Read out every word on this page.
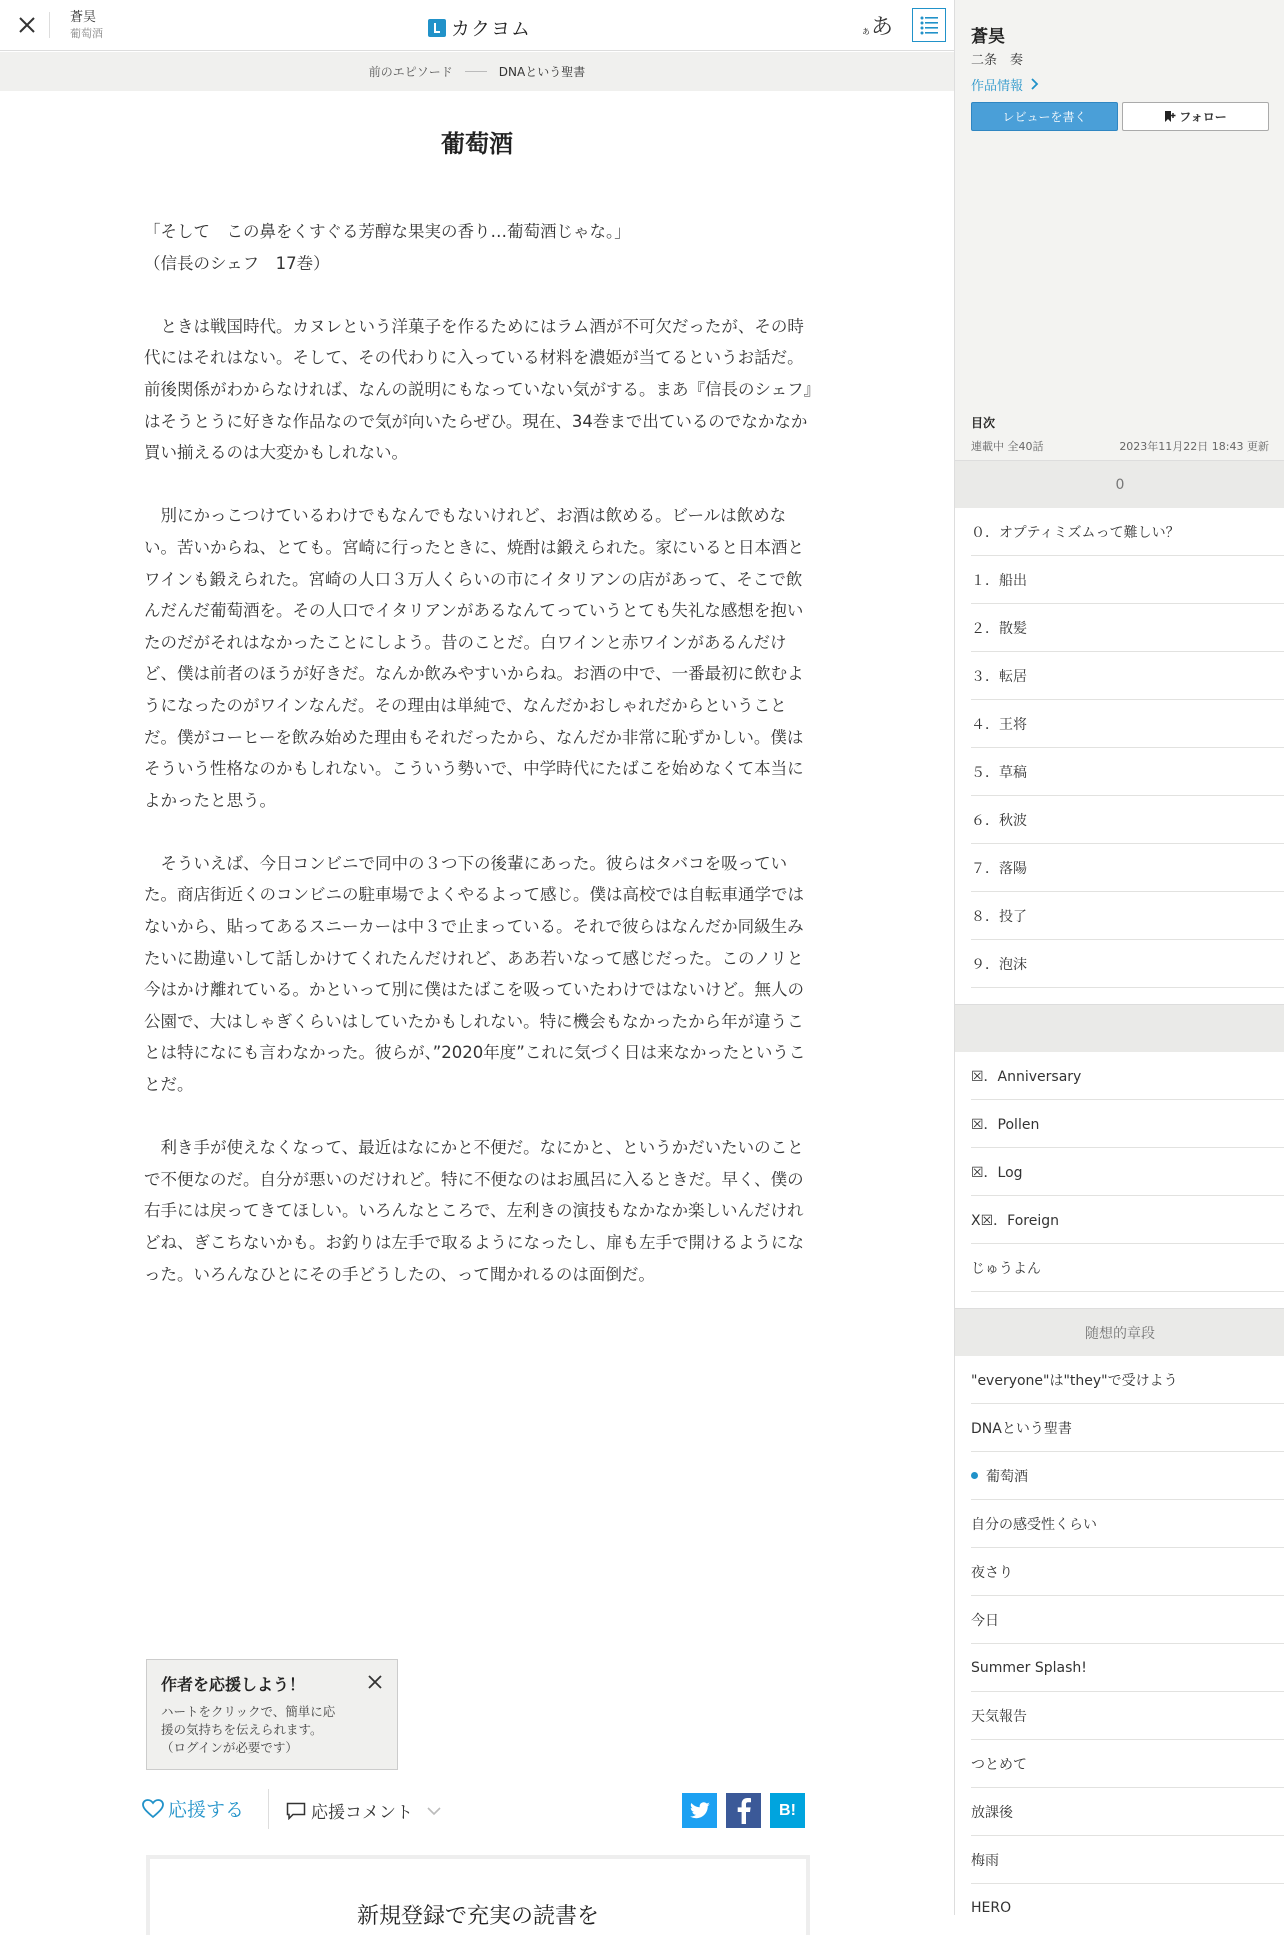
蒼昊
葡萄酒	カクヨム	ぁあ
前のエピソード	DNAという聖書
葡萄酒

「そして　この鼻をくすぐる芳醇な果実の香り…葡萄酒じゃな。」

（信長のシェフ　17巻）

　ときは戦国時代。カヌレという洋菓子を作るためにはラム酒が不可欠だったが、その時代にはそれはない。そして、その代わりに入っている材料を濃姫が当てるというお話だ。前後関係がわからなければ、なんの説明にもなっていない気がする。まあ『信長のシェフ』はそうとうに好きな作品なので気が向いたらぜひ。現在、34巻まで出ているのでなかなか買い揃えるのは大変かもしれない。

　別にかっこつけているわけでもなんでもないけれど、お酒は飲める。ビールは飲めない。苦いからね、とても。宮崎に行ったときに、焼酎は鍛えられた。家にいると日本酒とワインも鍛えられた。宮崎の人口３万人くらいの市にイタリアンの店があって、そこで飲んだんだ葡萄酒を。その人口でイタリアンがあるなんてっていうとても失礼な感想を抱いたのだがそれはなかったことにしよう。昔のことだ。白ワインと赤ワインがあるんだけど、僕は前者のほうが好きだ。なんか飲みやすいからね。お酒の中で、一番最初に飲むようになったのがワインなんだ。その理由は単純で、なんだかおしゃれだからということだ。僕がコーヒーを飲み始めた理由もそれだったから、なんだか非常に恥ずかしい。僕はそういう性格なのかもしれない。こういう勢いで、中学時代にたばこを始めなくて本当によかったと思う。

　そういえば、今日コンビニで同中の３つ下の後輩にあった。彼らはタバコを吸っていた。商店街近くのコンビニの駐車場でよくやるよって感じ。僕は高校では自転車通学ではないから、貼ってあるスニーカーは中３で止まっている。それで彼らはなんだか同級生みたいに勘違いして話しかけてくれたんだけれど、ああ若いなって感じだった。このノリと今はかけ離れている。かといって別に僕はたばこを吸っていたわけではないけど。無人の公園で、大はしゃぎくらいはしていたかもしれない。特に機会もなかったから年が違うことは特になにも言わなかった。彼らが、”2020年度”これに気づく日は来なかったということだ。

　利き手が使えなくなって、最近はなにかと不便だ。なにかと、というかだいたいのことで不便なのだ。自分が悪いのだけれど。特に不便なのはお風呂に入るときだ。早く、僕の右手には戻ってきてほしい。いろんなところで、左利きの演技もなかなか楽しいんだけれどね、ぎこちないかも。お釣りは左手で取るようになったし、扉も左手で開けるようになった。いろんなひとにその手どうしたの、って聞かれるのは面倒だ。

作者を応援しよう！
ハートをクリックで、簡単に応
援の気持ちを伝えられます。
（ログインが必要です）
応援する	応援コメント	B!
新規登録で充実の読書を
蒼昊
二条　奏
作品情報
レビューを書く	フォロー
目次
連載中 全40話	2023年11月22日 18:43 更新
0
０．オプティミズムって難しい？
１．船出
２．散髪
３．転居
４．王将
５．草稿
６．秋波
７．落陽
８．投了
９．泡沫
☒．Anniversary
☒．Pollen
☒．Log
X☒．Foreign
じゅうよん
随想的章段
"everyone"は"they"で受けよう
DNAという聖書
葡萄酒
自分の感受性くらい
夜さり
今日
Summer Splash!
天気報告
つとめて
放課後
梅雨
HERO
